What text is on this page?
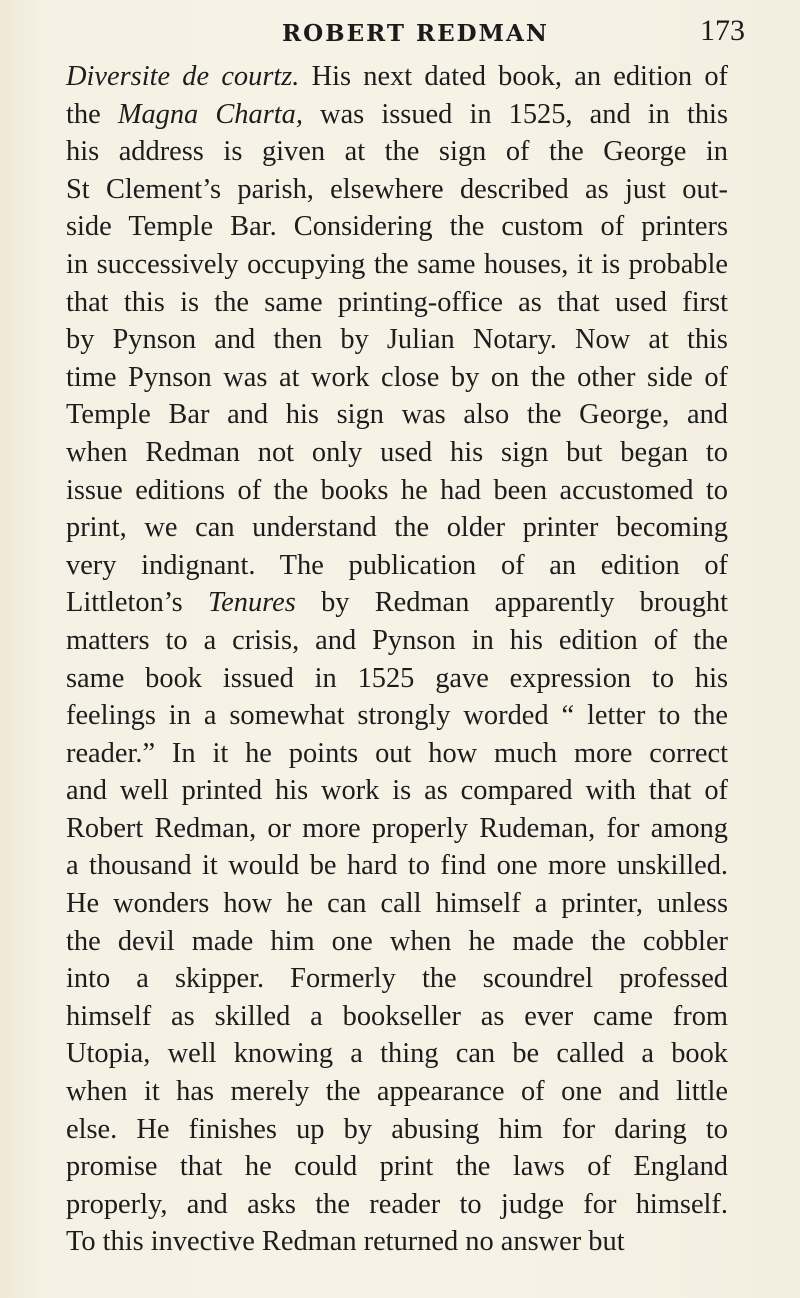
ROBERT REDMAN	173
Diversite de courtz. His next dated book, an edition of
the Magna Charta, was issued in 1525, and in this
his address is given at the sign of the George in
St Clement’s parish, elsewhere described as just out-
side Temple Bar. Considering the custom of printers
in successively occupying the same houses, it is probable
that this is the same printing-office as that used first
by Pynson and then by Julian Notary. Now at this
time Pynson was at work close by on the other side of
Temple Bar and his sign was also the George, and
when Redman not only used his sign but began to
issue editions of the books he had been accustomed to
print, we can understand the older printer becoming
very indignant. The publication of an edition of
Littleton’s Tenures by Redman apparently brought
matters to a crisis, and Pynson in his edition of the
same book issued in 1525 gave expression to his
feelings in a somewhat strongly worded “ letter to the
reader.” In it he points out how much more correct
and well printed his work is as compared with that of
Robert Redman, or more properly Rudeman, for among
a thousand it would be hard to find one more unskilled.
He wonders how he can call himself a printer, unless
the devil made him one when he made the cobbler
into a skipper. Formerly the scoundrel professed
himself as skilled a bookseller as ever came from
Utopia, well knowing a thing can be called a book
when it has merely the appearance of one and little
else. He finishes up by abusing him for daring to
promise that he could print the laws of England
properly, and asks the reader to judge for himself.
To this invective Redman returned no answer but
